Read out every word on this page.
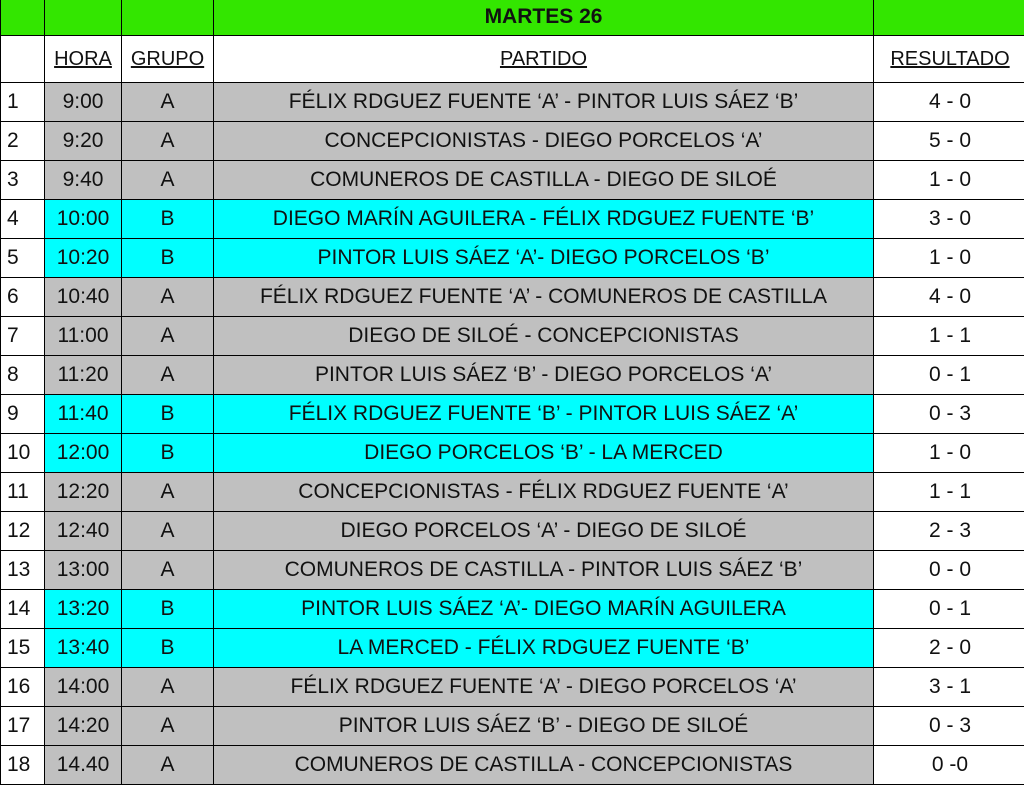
			MARTES 26	
	HORA	GRUPO	PARTIDO	RESULTADO
1	9:00	A	FÉLIX RDGUEZ FUENTE ‘A’ - PINTOR LUIS SÁEZ ‘B’	4 - 0
2	9:20	A	CONCEPCIONISTAS - DIEGO PORCELOS ‘A’	5 - 0
3	9:40	A	COMUNEROS DE CASTILLA - DIEGO DE SILOÉ	1 - 0
4	10:00	B	DIEGO MARÍN AGUILERA - FÉLIX RDGUEZ FUENTE ‘B’	3 - 0
5	10:20	B	PINTOR LUIS SÁEZ ‘A’- DIEGO PORCELOS ‘B’	1 - 0
6	10:40	A	FÉLIX RDGUEZ FUENTE ‘A’ - COMUNEROS DE CASTILLA	4 - 0
7	11:00	A	DIEGO DE SILOÉ - CONCEPCIONISTAS	1 - 1
8	11:20	A	PINTOR LUIS SÁEZ ‘B’ - DIEGO PORCELOS ‘A’	0 - 1
9	11:40	B	FÉLIX RDGUEZ FUENTE ‘B’ - PINTOR LUIS SÁEZ ‘A’	0 - 3
10	12:00	B	DIEGO PORCELOS ‘B’ - LA MERCED	1 - 0
11	12:20	A	CONCEPCIONISTAS - FÉLIX RDGUEZ FUENTE ‘A’	1 - 1
12	12:40	A	DIEGO PORCELOS ‘A’ - DIEGO DE SILOÉ	2 - 3
13	13:00	A	COMUNEROS DE CASTILLA - PINTOR LUIS SÁEZ ‘B’	0 - 0
14	13:20	B	PINTOR LUIS SÁEZ ‘A’- DIEGO MARÍN AGUILERA	0 - 1
15	13:40	B	LA MERCED - FÉLIX RDGUEZ FUENTE ‘B’	2 - 0
16	14:00	A	FÉLIX RDGUEZ FUENTE ‘A’ - DIEGO PORCELOS ‘A’	3 - 1
17	14:20	A	PINTOR LUIS SÁEZ ‘B’ - DIEGO DE SILOÉ	0 - 3
18	14.40	A	COMUNEROS DE CASTILLA - CONCEPCIONISTAS	0 -0
